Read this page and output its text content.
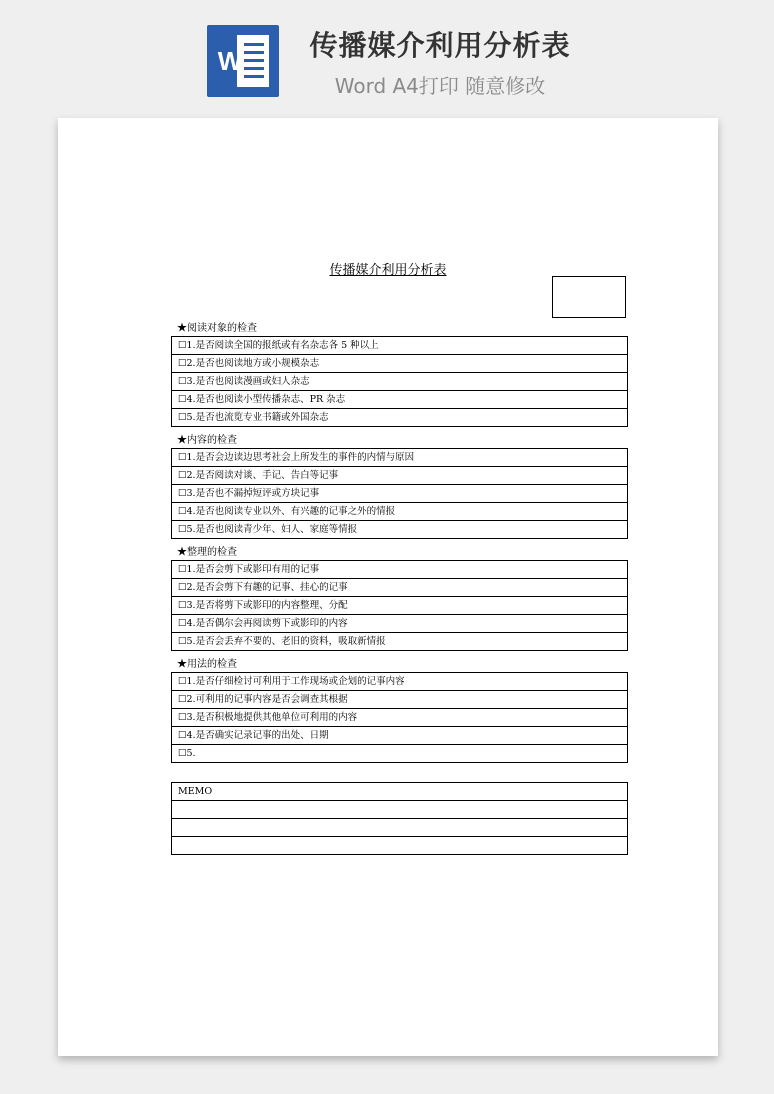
W	传播媒介利用分析表
Word A4打印 随意修改
传播媒介利用分析表
★阅读对象的检查
☐1.是否阅读全国的报纸或有名杂志各 5 种以上
☐2.是否也阅读地方或小规模杂志
☐3.是否也阅读漫画或妇人杂志
☐4.是否也阅读小型传播杂志、PR 杂志
☐5.是否也流览专业书籍或外国杂志
★内容的检查
☐1.是否会边读边思考社会上所发生的事件的内情与原因
☐2.是否阅读对谈、手记、告白等记事
☐3.是否也不漏掉短评或方块记事
☐4.是否也阅读专业以外、有兴趣的记事之外的情报
☐5.是否也阅读青少年、妇人、家庭等情报
★整理的检查
☐1.是否会剪下或影印有用的记事
☐2.是否会剪下有趣的记事、挂心的记事
☐3.是否将剪下或影印的内容整理、分配
☐4.是否偶尔会再阅读剪下或影印的内容
☐5.是否会丢弃不要的、老旧的资料，吸取新情报
★用法的检查
☐1.是否仔细检讨可利用于工作现场或企划的记事内容
☐2.可利用的记事内容是否会调查其根据
☐3.是否积极地提供其他单位可利用的内容
☐4.是否确实记录记事的出处、日期
☐5.
MEMO
